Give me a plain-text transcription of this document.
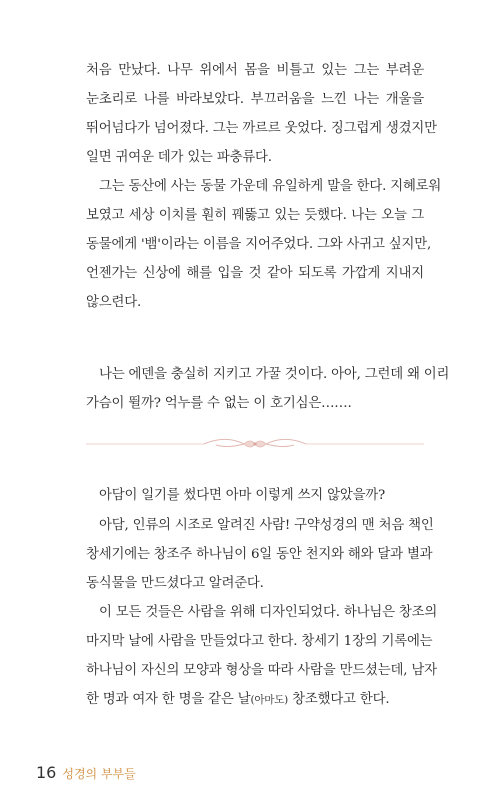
처음 만났다. 나무 위에서 몸을 비틀고 있는 그는 부려운
눈초리로 나를 바라보았다. 부끄러움을 느낀 나는 개울을
뛰어넘다가 넘어졌다. 그는 까르르 웃었다. 징그럽게 생겼지만
일면 귀여운 데가 있는 파충류다.

그는 동산에 사는 동물 가운데 유일하게 말을 한다. 지혜로워
보였고 세상 이치를 훤히 꿰뚫고 있는 듯했다. 나는 오늘 그
동물에게 '뱀'이라는 이름을 지어주었다. 그와 사귀고 싶지만,
언젠가는 신상에 해를 입을 것 같아 되도록 가깝게 지내지
않으련다.

나는 에덴을 충실히 지키고 가꿀 것이다. 아아, 그런데 왜 이리
가슴이 뛸까? 억누를 수 없는 이 호기심은…….

아담이 일기를 썼다면 아마 이렇게 쓰지 않았을까?

아담, 인류의 시조로 알려진 사람! 구약성경의 맨 처음 책인
창세기에는 창조주 하나님이 6일 동안 천지와 해와 달과 별과
동식물을 만드셨다고 알려준다.

이 모든 것들은 사람을 위해 디자인되었다. 하나님은 창조의
마지막 날에 사람을 만들었다고 한다. 창세기 1장의 기록에는
하나님이 자신의 모양과 형상을 따라 사람을 만드셨는데, 남자
한 명과 여자 한 명을 같은 날(아마도) 창조했다고 한다.

16 성경의 부부들
